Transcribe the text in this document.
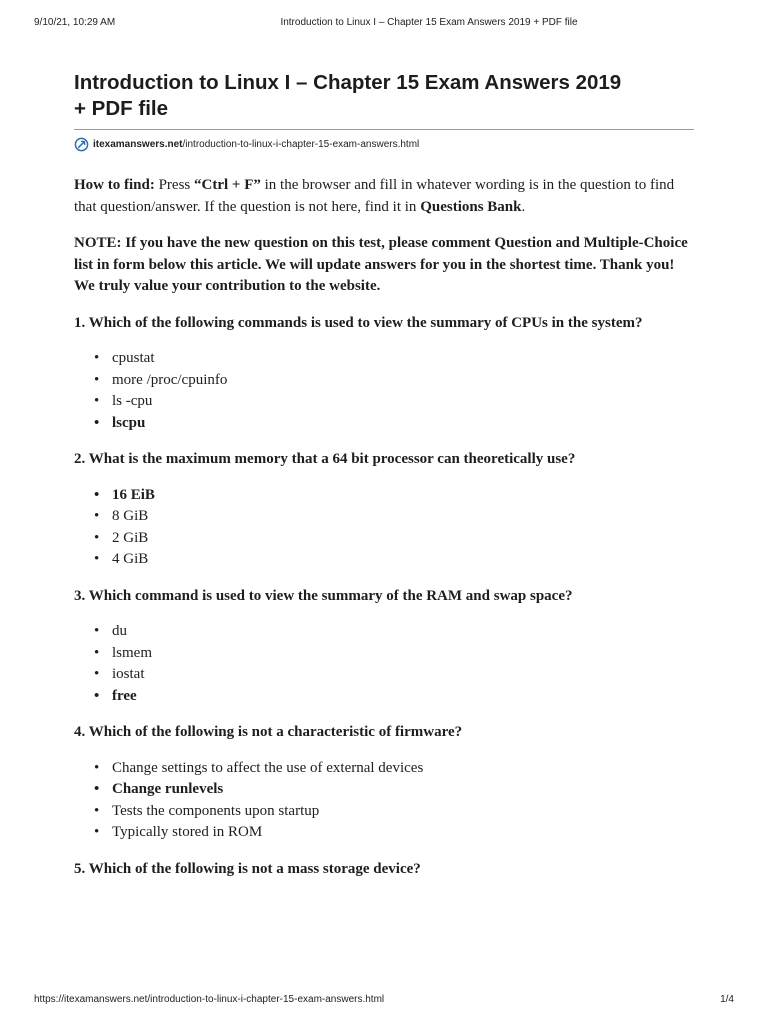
9/10/21, 10:29 AM	Introduction to Linux I – Chapter 15 Exam Answers 2019 + PDF file
Introduction to Linux I – Chapter 15 Exam Answers 2019
+ PDF file
itexamanswers.net /introduction-to-linux-i-chapter-15-exam-answers.html

How to find: Press “Ctrl + F” in the browser and fill in whatever wording is in the question to find that question/answer. If the question is not here, find it in Questions Bank.

NOTE: If you have the new question on this test, please comment Question and Multiple-Choice list in form below this article. We will update answers for you in the shortest time. Thank you! We truly value your contribution to the website.

1. Which of the following commands is used to view the summary of CPUs in the system?

• cpustat
• more /proc/cpuinfo
• ls -cpu
• lscpu

2. What is the maximum memory that a 64 bit processor can theoretically use?

• 16 EiB
• 8 GiB
• 2 GiB
• 4 GiB

3. Which command is used to view the summary of the RAM and swap space?

• du
• lsmem
• iostat
• free

4. Which of the following is not a characteristic of firmware?

• Change settings to affect the use of external devices
• Change runlevels
• Tests the components upon startup
• Typically stored in ROM

5. Which of the following is not a mass storage device?

https://itexamanswers.net/introduction-to-linux-i-chapter-15-exam-answers.html	1/4
